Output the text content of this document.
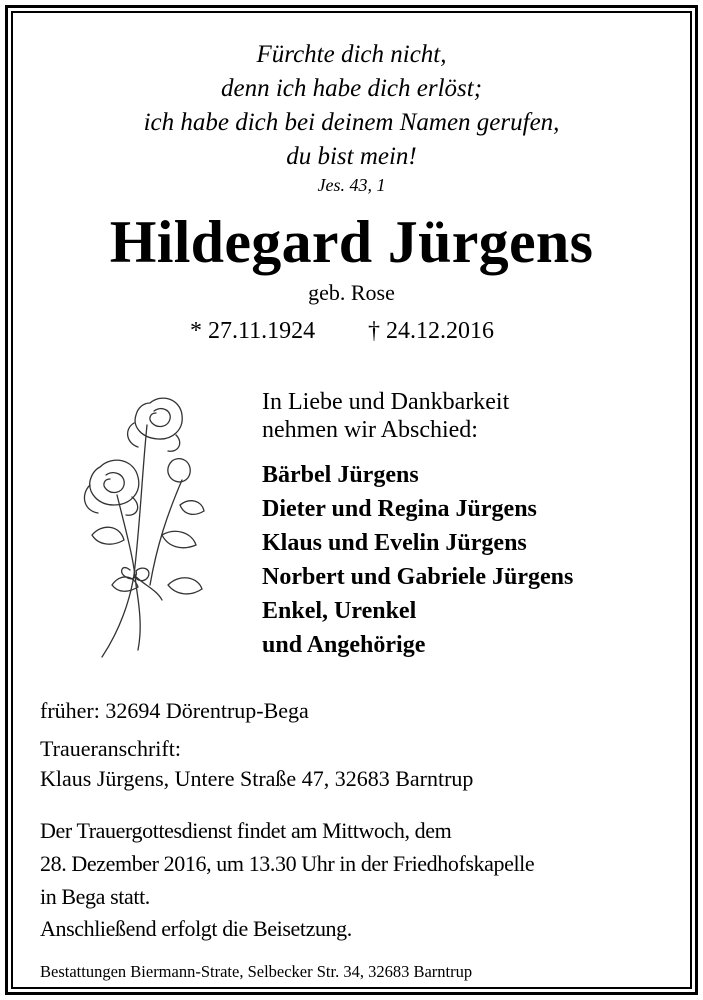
Fürchte dich nicht,
denn ich habe dich erlöst;
ich habe dich bei deinem Namen gerufen,
du bist mein!
Jes. 43, 1
Hildegard Jürgens
geb. Rose
* 27.11.1924 † 24.12.2016
In Liebe und Dankbarkeit
nehmen wir Abschied:
Bärbel Jürgens
Dieter und Regina Jürgens
Klaus und Evelin Jürgens
Norbert und Gabriele Jürgens
Enkel, Urenkel
und Angehörige
früher: 32694 Dörentrup-Bega
Traueranschrift:
Klaus Jürgens, Untere Straße 47, 32683 Barntrup
Der Trauergottesdienst findet am Mittwoch, dem
28. Dezember 2016, um 13.30 Uhr in der Friedhofskapelle
in Bega statt.
Anschließend erfolgt die Beisetzung.
Bestattungen Biermann-Strate, Selbecker Str. 34, 32683 Barntrup
